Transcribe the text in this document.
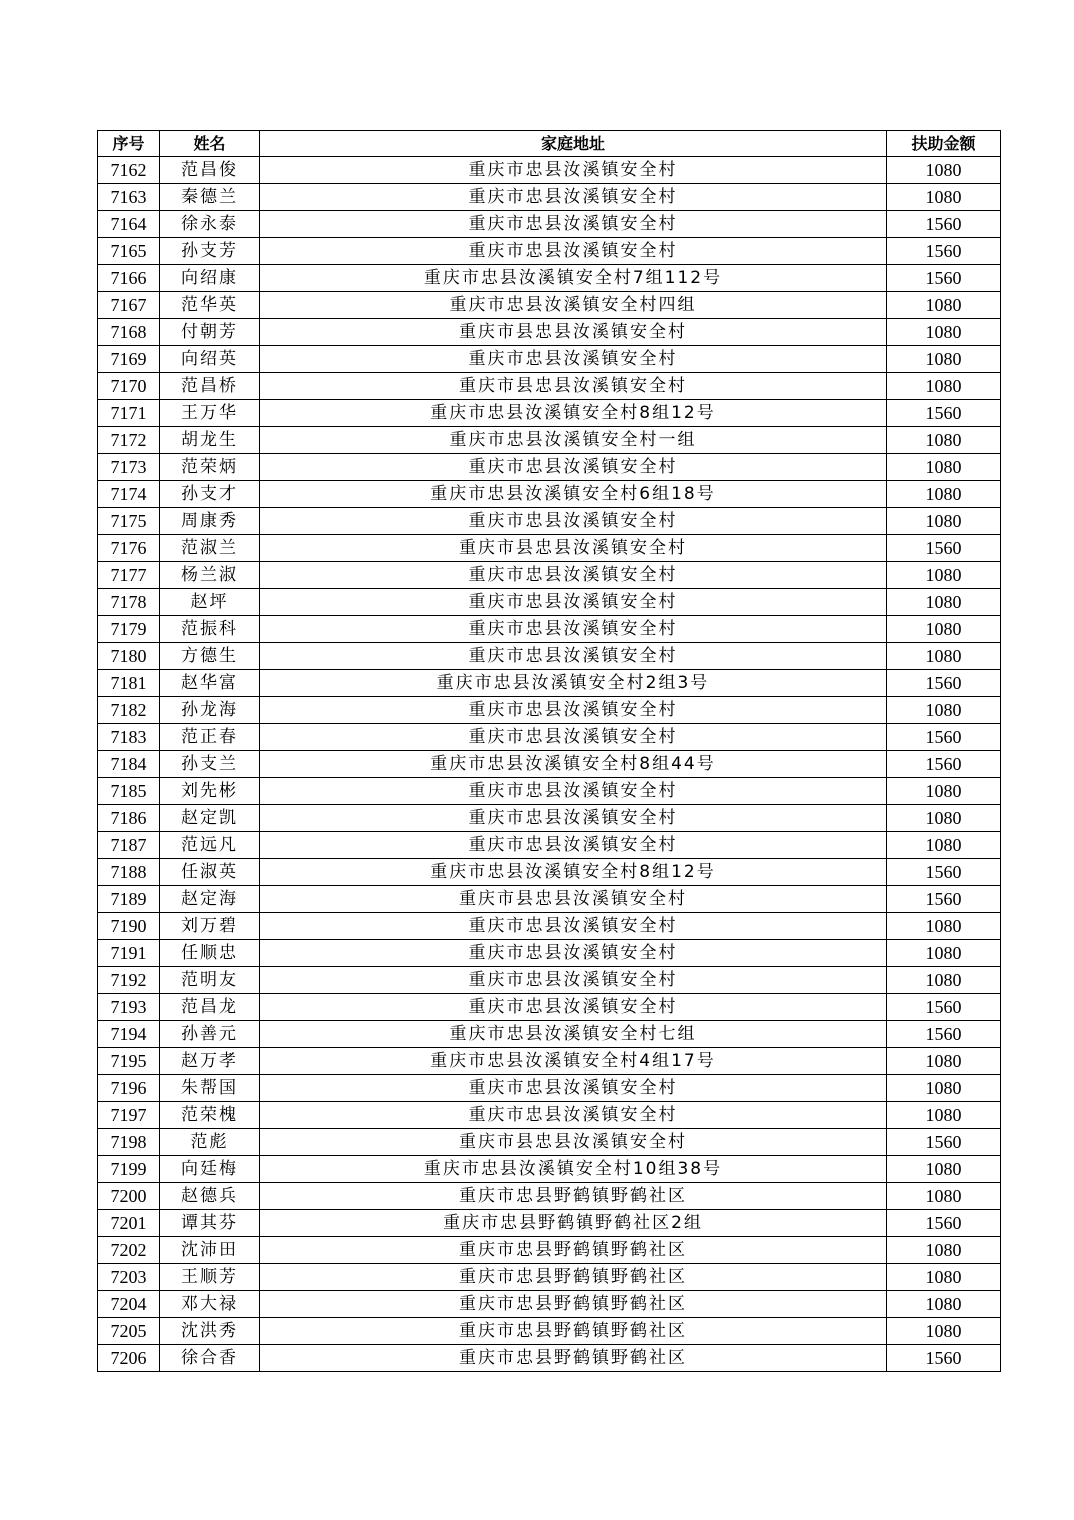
序号	姓名	家庭地址	扶助金额
7162	范昌俊	重庆市忠县汝溪镇安全村	1080
7163	秦德兰	重庆市忠县汝溪镇安全村	1080
7164	徐永泰	重庆市忠县汝溪镇安全村	1560
7165	孙支芳	重庆市忠县汝溪镇安全村	1560
7166	向绍康	重庆市忠县汝溪镇安全村7组112号	1560
7167	范华英	重庆市忠县汝溪镇安全村四组	1080
7168	付朝芳	重庆市县忠县汝溪镇安全村	1080
7169	向绍英	重庆市忠县汝溪镇安全村	1080
7170	范昌桥	重庆市县忠县汝溪镇安全村	1080
7171	王万华	重庆市忠县汝溪镇安全村8组12号	1560
7172	胡龙生	重庆市忠县汝溪镇安全村一组	1080
7173	范荣炳	重庆市忠县汝溪镇安全村	1080
7174	孙支才	重庆市忠县汝溪镇安全村6组18号	1080
7175	周康秀	重庆市忠县汝溪镇安全村	1080
7176	范淑兰	重庆市县忠县汝溪镇安全村	1560
7177	杨兰淑	重庆市忠县汝溪镇安全村	1080
7178	赵坪	重庆市忠县汝溪镇安全村	1080
7179	范振科	重庆市忠县汝溪镇安全村	1080
7180	方德生	重庆市忠县汝溪镇安全村	1080
7181	赵华富	重庆市忠县汝溪镇安全村2组3号	1560
7182	孙龙海	重庆市忠县汝溪镇安全村	1080
7183	范正春	重庆市忠县汝溪镇安全村	1560
7184	孙支兰	重庆市忠县汝溪镇安全村8组44号	1560
7185	刘先彬	重庆市忠县汝溪镇安全村	1080
7186	赵定凯	重庆市忠县汝溪镇安全村	1080
7187	范远凡	重庆市忠县汝溪镇安全村	1080
7188	任淑英	重庆市忠县汝溪镇安全村8组12号	1560
7189	赵定海	重庆市县忠县汝溪镇安全村	1560
7190	刘万碧	重庆市忠县汝溪镇安全村	1080
7191	任顺忠	重庆市忠县汝溪镇安全村	1080
7192	范明友	重庆市忠县汝溪镇安全村	1080
7193	范昌龙	重庆市忠县汝溪镇安全村	1560
7194	孙善元	重庆市忠县汝溪镇安全村七组	1560
7195	赵万孝	重庆市忠县汝溪镇安全村4组17号	1080
7196	朱帮国	重庆市忠县汝溪镇安全村	1080
7197	范荣槐	重庆市忠县汝溪镇安全村	1080
7198	范彪	重庆市县忠县汝溪镇安全村	1560
7199	向廷梅	重庆市忠县汝溪镇安全村10组38号	1080
7200	赵德兵	重庆市忠县野鹤镇野鹤社区	1080
7201	谭其芬	重庆市忠县野鹤镇野鹤社区2组	1560
7202	沈沛田	重庆市忠县野鹤镇野鹤社区	1080
7203	王顺芳	重庆市忠县野鹤镇野鹤社区	1080
7204	邓大禄	重庆市忠县野鹤镇野鹤社区	1080
7205	沈洪秀	重庆市忠县野鹤镇野鹤社区	1080
7206	徐合香	重庆市忠县野鹤镇野鹤社区	1560
